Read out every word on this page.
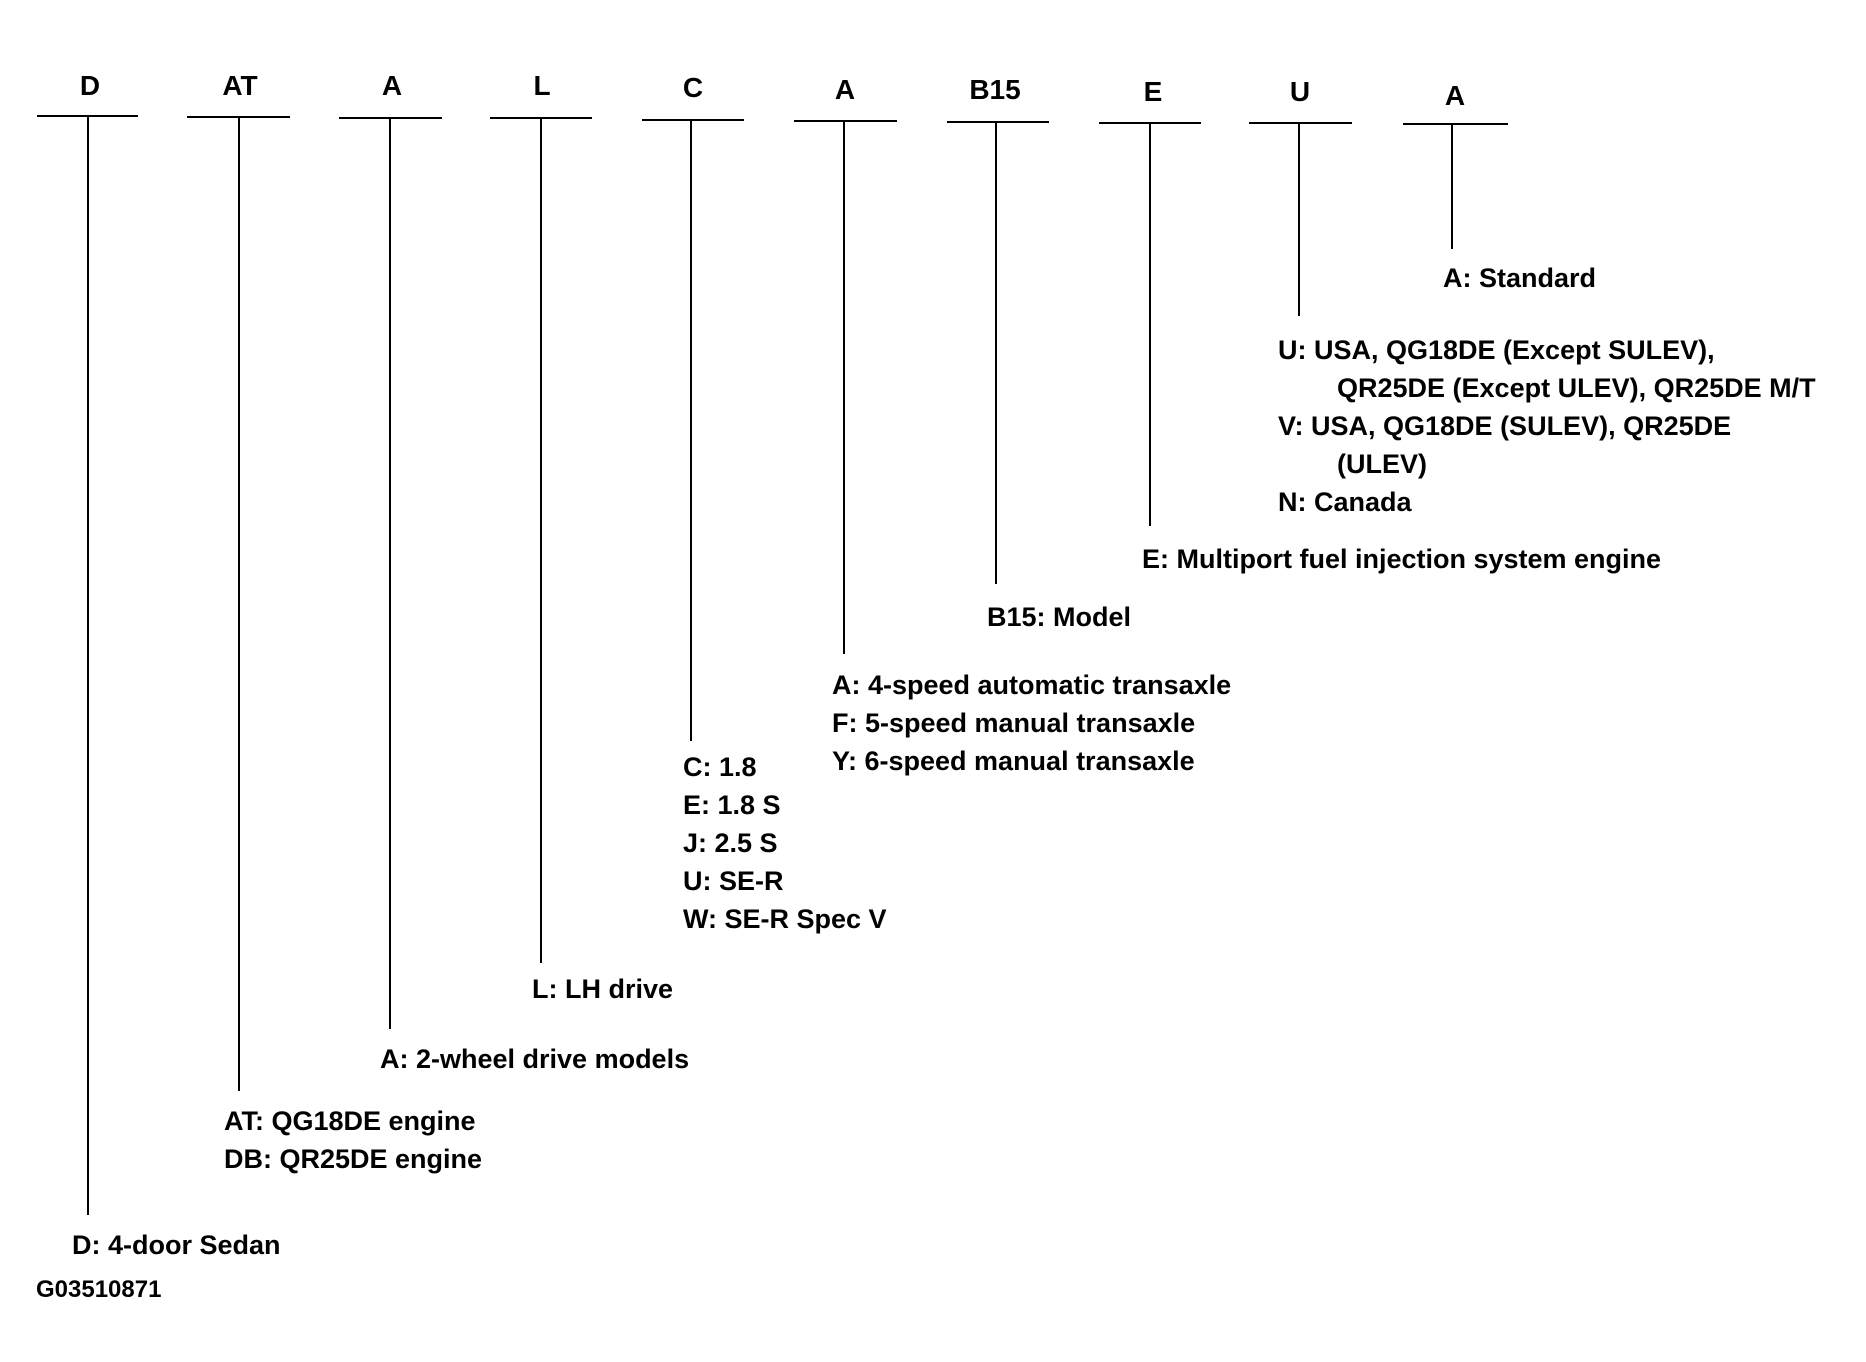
D
D: 4-door Sedan
AT
AT: QG18DE engine
DB: QR25DE engine
A
A: 2-wheel drive models
L
L: LH drive
C
C: 1.8
E: 1.8 S
J: 2.5 S
U: SE-R
W: SE-R Spec V
A
A: 4-speed automatic transaxle
F: 5-speed manual transaxle
Y: 6-speed manual transaxle
B15
B15: Model
E
E: Multiport fuel injection system engine
U
U: USA, QG18DE (Except SULEV),
QR25DE (Except ULEV), QR25DE M/T
V: USA, QG18DE (SULEV), QR25DE
(ULEV)
N: Canada
A
A: Standard
G03510871
